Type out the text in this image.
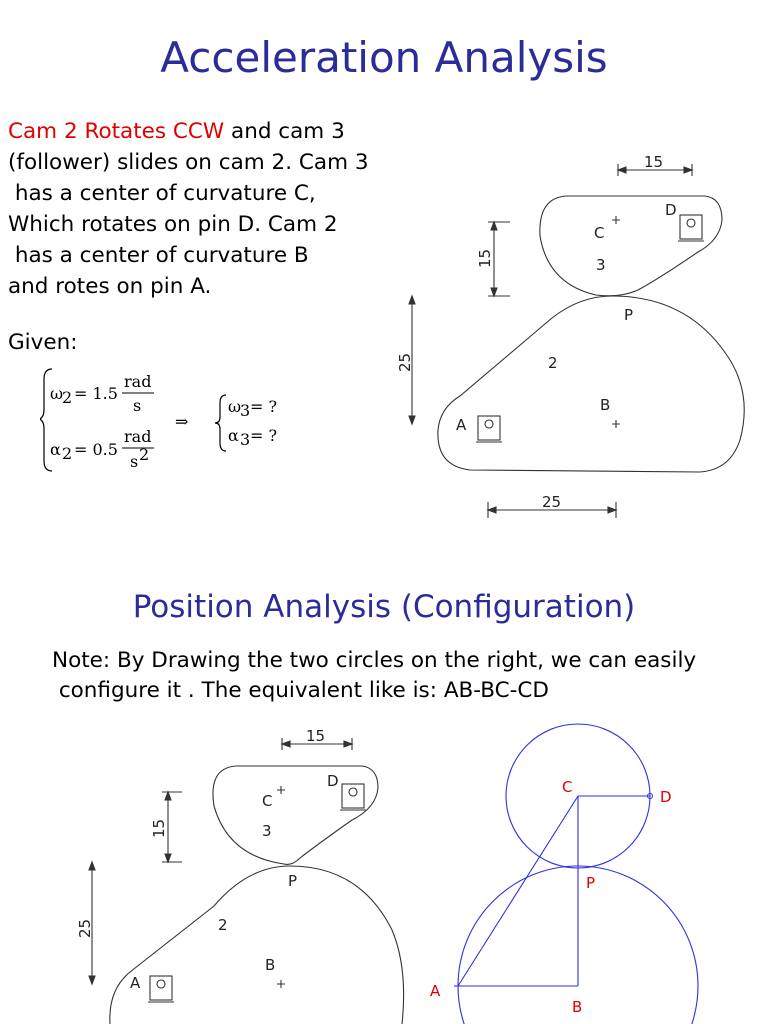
Acceleration Analysis
Cam 2 Rotates CCW and cam 3
(follower) slides on cam 2. Cam 3
has a center of curvature C,
Which rotates on pin D. Cam 2
has a center of curvature B
and rotes on pin A.
Given:
ω
2 = 1.5
rad
s
α 2 = 0.5
rad
s 2
⇒
ω
3 = ?
α 3 = ?
15
15
25
25
A
B
C
D
P
2
3
Note: By Drawing the two circles on the right, we can easily
configure it . The equivalent like is: AB-BC-CD
Position Analysis (Configuration)
15
15
25
A
B
C
D
P
2
3
A
B
C
D
P
